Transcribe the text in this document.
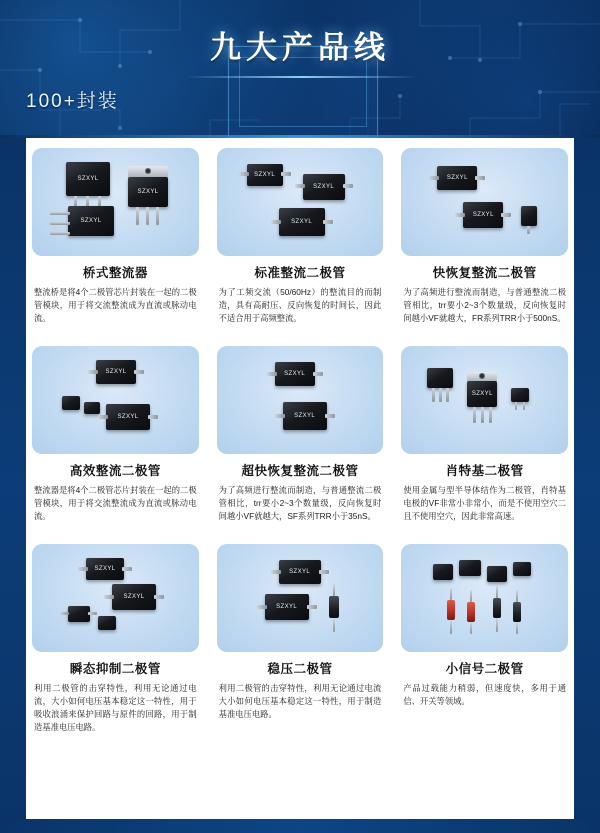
九大产品线
100+封装
SZXYL
SZXYL
SZXYL
桥式整流器
整流桥是将4个二极管芯片封装在一起的二极管模块，用于将交流整流成为直流或脉动电流。
SZXYL
SZXYL
SZXYL
标准整流二极管
为了工频交流（50/60Hz）的整流目的而制造，具有高耐压、反向恢复的时间长，因此不适合用于高频整流。
SZXYL
SZXYL
快恢复整流二极管
为了高频进行整流而制造，与普通整流二极管相比，trr要小2~3个数量级，反向恢复时间越小VF就越大，FR系列TRR小于500nS。
SZXYL
SZXYL
高效整流二极管
整流器是将4个二极管芯片封装在一起的二极管模块，用于将交流整流成为直流或脉动电流。
SZXYL
SZXYL
超快恢复整流二极管
为了高频进行整流而制造，与普通整流二极管相比，trr要小2~3个数量级，反向恢复时间越小VF就越大，SF系列TRR小于35nS。
SZXYL
肖特基二极管
使用金属与型半导体结作为二极管，肖特基电极的VF非常小非常小，而是不使用空穴二且不使用空穴，因此非常高速。
SZXYL
SZXYL
瞬态抑制二极管
利用二极管的击穿特性，利用无论通过电流，大小如何电压基本稳定这一特性，用于吸收浪涌来保护回路与原件的回路，用于制造基准电压电路。
SZXYL
SZXYL
稳压二极管
利用二极管的击穿特性，利用无论通过电流大小如何电压基本稳定这一特性，用于制造基准电压电路。
小信号二极管
产品过载能力稍弱，但速度快，多用于通信、开关等领域。
